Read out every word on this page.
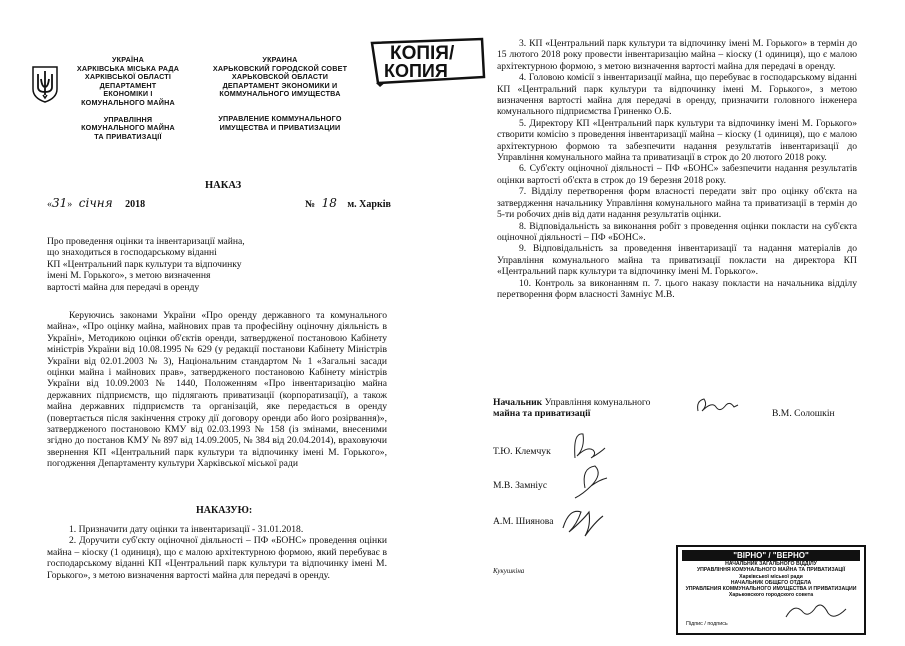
УКРАЇНА
ХАРКІВСЬКА МІСЬКА РАДА
ХАРКІВСЬКОЇ ОБЛАСТІ
ДЕПАРТАМЕНТ
ЕКОНОМІКИ І
КОМУНАЛЬНОГО МАЙНА
УПРАВЛІННЯ
КОМУНАЛЬНОГО МАЙНА
ТА ПРИВАТИЗАЦІЇ
УКРАИНА
ХАРЬКОВСКИЙ ГОРОДСКОЙ СОВЕТ
ХАРЬКОВСКОЙ ОБЛАСТИ
ДЕПАРТАМЕНТ ЭКОНОМИКИ И
КОММУНАЛЬНОГО ИМУЩЕСТВА
УПРАВЛЕНИЕ КОММУНАЛЬНОГО
ИМУЩЕСТВА И ПРИВАТИЗАЦИИ
КОПІЯ/
КОПИЯ
НАКАЗ
«31» січня 2018	№ 18 м. Харків
Про проведення оцінки та інвентаризації майна,
що знаходиться в господарському віданні
КП «Центральний парк культури та відпочинку
імені М. Горького», з метою визначення
вартості майна для передачі в оренду

Керуючись законами України «Про оренду державного та комунального майна», «Про оцінку майна, майнових прав та професійну оціночну діяльність в Україні», Методикою оцінки об'єктів оренди, затвердженої постановою Кабінету міністрів України від 10.08.1995 № 629 (у редакції постанови Кабінету Міністрів України від 02.01.2003 № 3), Національним стандартом № 1 «Загальні засади оцінки майна і майнових прав», затвердженого постановою Кабінету міністрів України від 10.09.2003 № 1440, Положенням «Про інвентаризацію майна державних підприємств, що підлягають приватизації (корпоратизації), а також майна державних підприємств та організацій, яке передається в оренду (повертається після закінчення строку дії договору оренди або його розірвання)», затвердженого постановою КМУ від 02.03.1993 № 158 (із змінами, внесеними згідно до постанов КМУ № 897 від 14.09.2005, № 384 від 20.04.2014), враховуючи звернення КП «Центральний парк культури та відпочинку імені М. Горького», погодження Департаменту культури Харківської міської ради

НАКАЗУЮ:

1. Призначити дату оцінки та інвентаризації - 31.01.2018.

2. Доручити суб'єкту оціночної діяльності – ПФ «БОНС» проведення оцінки майна – кіоску (1 одиниця), що є малою архітектурною формою, який перебуває в господарському віданні КП «Центральний парк культури та відпочинку імені М. Горького», з метою визначення вартості майна для передачі в оренду.

3. КП «Центральний парк культури та відпочинку імені М. Горького» в термін до 15 лютого 2018 року провести інвентаризацію майна – кіоску (1 одиниця), що є малою архітектурною формою, з метою визначення вартості майна для передачі в оренду.

4. Головою комісії з інвентаризації майна, що перебуває в господарському віданні КП «Центральний парк культури та відпочинку імені М. Горького», з метою визначення вартості майна для передачі в оренду, призначити головного інженера комунального підприємства Гриненко О.Б.

5. Директору КП «Центральний парк культури та відпочинку імені М. Горького» створити комісію з проведення інвентаризації майна – кіоску (1 одиниця), що є малою архітектурною формою та забезпечити надання результатів інвентаризації до Управління комунального майна та приватизації в строк до 20 лютого 2018 року.

6. Суб'єкту оціночної діяльності – ПФ «БОНС» забезпечити надання результатів оцінки вартості об'єкта в строк до 19 березня 2018 року.

7. Відділу перетворення форм власності передати звіт про оцінку об'єкта на затвердження начальнику Управління комунального майна та приватизації в термін до 5-ти робочих днів від дати надання результатів оцінки.

8. Відповідальність за виконання робіт з проведення оцінки покласти на суб'єкта оціночної діяльності – ПФ «БОНС».

9. Відповідальність за проведення інвентаризації та надання матеріалів до Управління комунального майна та приватизації покласти на директора КП «Центральний парк культури та відпочинку імені М. Горького».

10. Контроль за виконанням п. 7. цього наказу покласти на начальника відділу перетворення форм власності Замніус М.В.

Начальник Управління комунального
майна та приватизації	В.М. Солошкін
Т.Ю. Клемчук
М.В. Замніус
А.М. Шиянова
Кукушкіна
"ВІРНО" / "ВЕРНО"
НАЧАЛЬНИК ЗАГАЛЬНОГО ВІДДІЛУ
УПРАВЛІННЯ КОМУНАЛЬНОГО МАЙНА ТА ПРИВАТИЗАЦІЇ
Харківської міської ради
НАЧАЛЬНИК ОБЩЕГО ОТДЕЛА
УПРАВЛЕНИЯ КОММУНАЛЬНОГО ИМУЩЕСТВА И ПРИВАТИЗАЦИИ
Харьковского городского совета
Підпис / подпись
